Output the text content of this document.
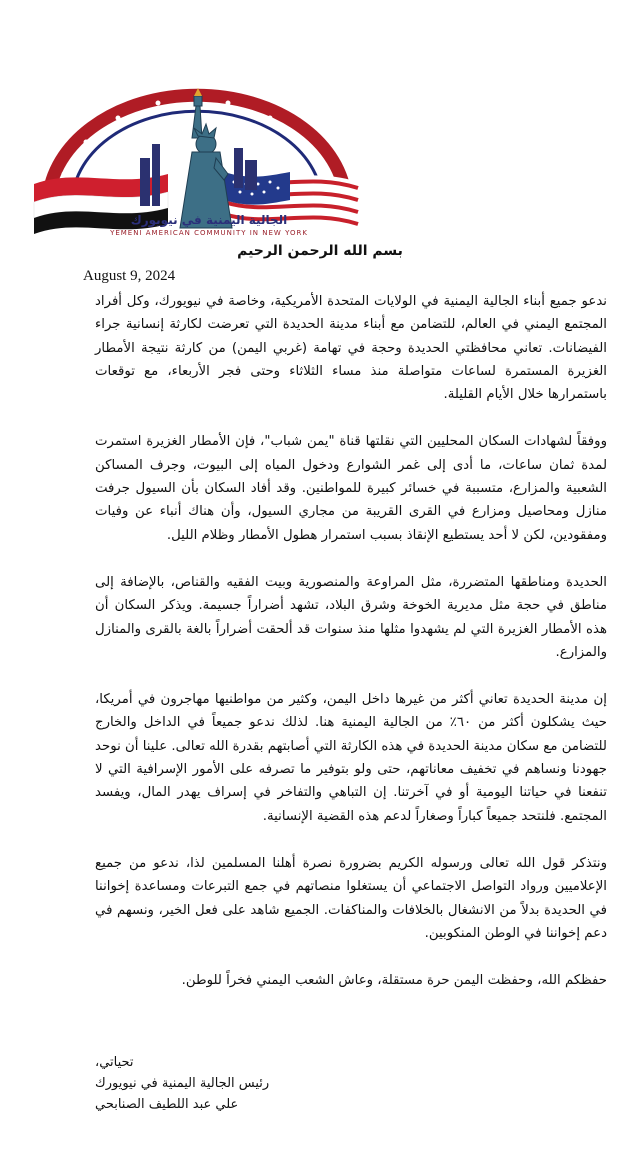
الجالية اليمنية في نيويورك
YEMENI AMERICAN COMMUNITY IN NEW YORK
بسم الله الرحمن الرحيم
August 9, 2024

ندعو جميع أبناء الجالية اليمنية في الولايات المتحدة الأمريكية، وخاصة في نيويورك، وكل أفراد المجتمع اليمني في العالم، للتضامن مع أبناء مدينة الحديدة التي تعرضت لكارثة إنسانية جراء الفيضانات. تعاني محافظتي الحديدة وحجة في تهامة (غربي اليمن) من كارثة نتيجة الأمطار الغزيرة المستمرة لساعات متواصلة منذ مساء الثلاثاء وحتى فجر الأربعاء، مع توقعات باستمرارها خلال الأيام القليلة.

ووفقاً لشهادات السكان المحليين التي نقلتها قناة "يمن شباب"، فإن الأمطار الغزيرة استمرت لمدة ثمان ساعات، ما أدى إلى غمر الشوارع ودخول المياه إلى البيوت، وجرف المساكن الشعبية والمزارع، متسببة في خسائر كبيرة للمواطنين. وقد أفاد السكان بأن السيول جرفت منازل ومحاصيل ومزارع في القرى القريبة من مجاري السيول، وأن هناك أنباء عن وفيات ومفقودين، لكن لا أحد يستطيع الإنقاذ بسبب استمرار هطول الأمطار وظلام الليل.

الحديدة ومناطقها المتضررة، مثل المراوعة والمنصورية وبيت الفقيه والقناص، بالإضافة إلى مناطق في حجة مثل مديرية الخوخة وشرق البلاد، تشهد أضراراً جسيمة. ويذكر السكان أن هذه الأمطار الغزيرة التي لم يشهدوا مثلها منذ سنوات قد ألحقت أضراراً بالغة بالقرى والمنازل والمزارع.

إن مدينة الحديدة تعاني أكثر من غيرها داخل اليمن، وكثير من مواطنيها مهاجرون في أمريكا، حيث يشكلون أكثر من ٦٠٪ من الجالية اليمنية هنا. لذلك ندعو جميعاً في الداخل والخارج للتضامن مع سكان مدينة الحديدة في هذه الكارثة التي أصابتهم بقدرة الله تعالى. علينا أن نوحد جهودنا ونساهم في تخفيف معاناتهم، حتى ولو بتوفير ما تصرفه على الأمور الإسرافية التي لا تنفعنا في حياتنا اليومية أو في آخرتنا. إن التباهي والتفاخر في إسراف يهدر المال، ويفسد المجتمع. فلنتحد جميعاً كباراً وصغاراً لدعم هذه القضية الإنسانية.

ونتذكر قول الله تعالى ورسوله الكريم بضرورة نصرة أهلنا المسلمين لذا، ندعو من جميع الإعلاميين ورواد التواصل الاجتماعي أن يستغلوا منصاتهم في جمع التبرعات ومساعدة إخواننا في الحديدة بدلاً من الانشغال بالخلافات والمناكفات. الجميع شاهد على فعل الخير، ونسهم في دعم إخواننا في الوطن المنكوبين.

حفظكم الله، وحفظت اليمن حرة مستقلة، وعاش الشعب اليمني فخراً للوطن.

تحياتي،
رئيس الجالية اليمنية في نيويورك
علي عبد اللطيف الصنابحي
